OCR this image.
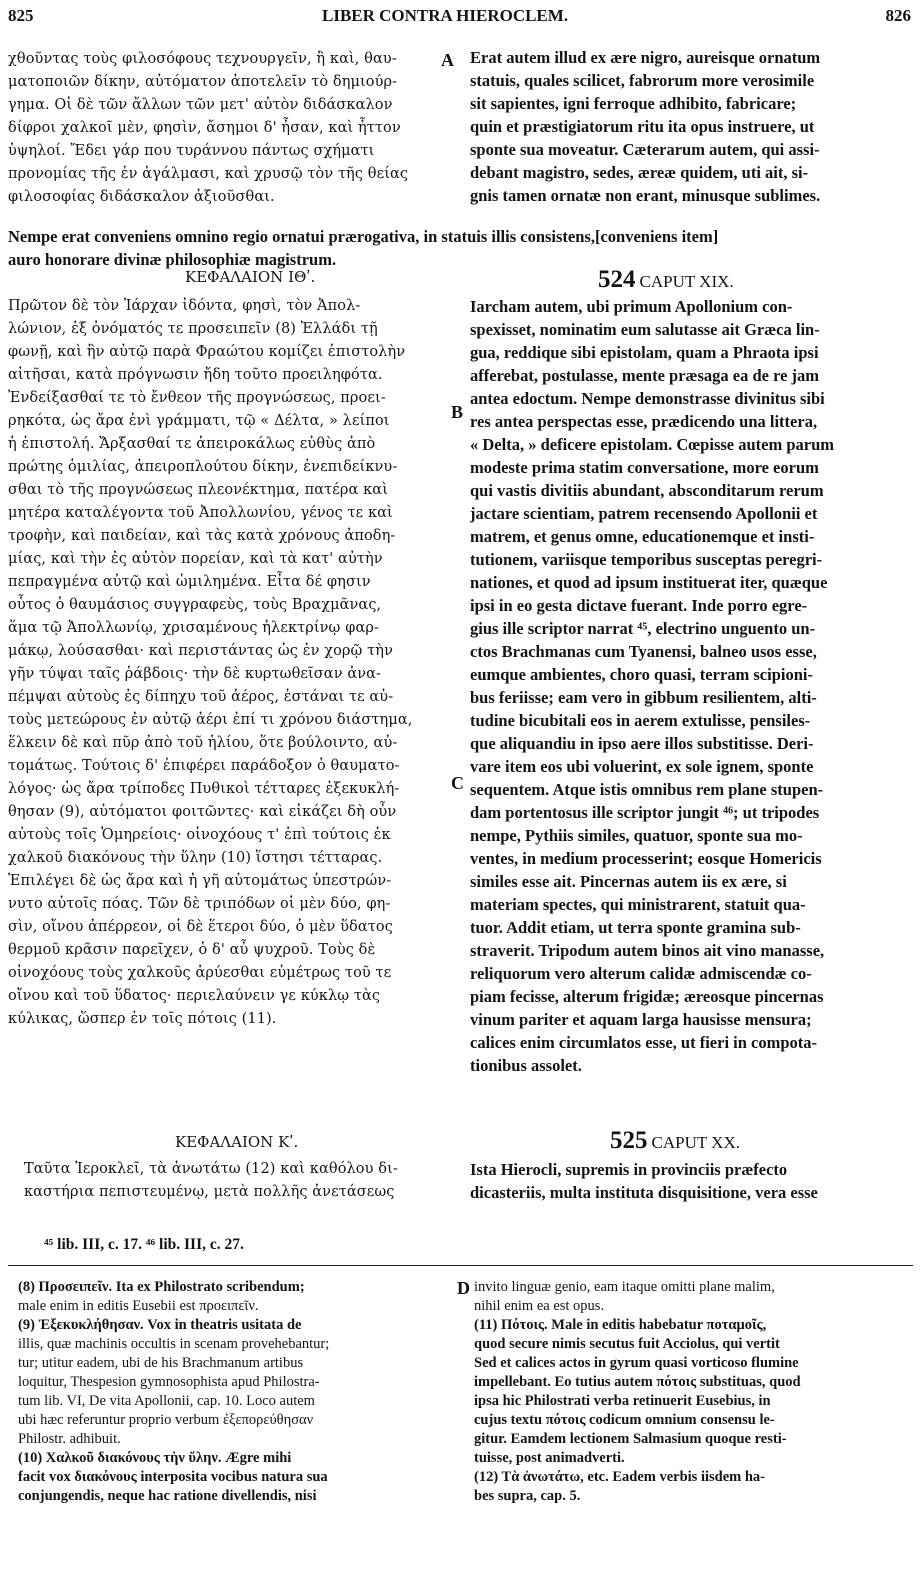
825	LIBER CONTRA HIEROCLEM.	826
χθοῦντας τοὺς φιλοσόφους τεχνουργεῖν, ἢ καὶ, θαυ-
ματοποιῶν δίκην, αὐτόματον ἀποτελεῖν τὸ δημιούρ-
γημα. Οἱ δὲ τῶν ἄλλων τῶν μετ' αὐτὸν διδάσκαλον
δίφροι χαλκοῖ μὲν, φησὶν, ἄσημοι δ' ἦσαν, καὶ ἧττον
ὑψηλοί. Ἔδει γάρ που τυράννου πάντως σχήματι
προνομίας τῆς ἐν ἀγάλμασι, καὶ χρυσῷ τὸν τῆς θείας
φιλοσοφίας διδάσκαλον ἀξιοῦσθαι.
A Erat autem illud ex ære nigro, aureisque ornatum
statuis, quales scilicet, fabrorum more verosimile
sit sapientes, igni ferroque adhibito, fabricare;
quin et præstigiatorum ritu ita opus instruere, ut
sponte sua moveatur. Cæterarum autem, qui assi-
debant magistro, sedes, æreæ quidem, uti ait, si-
gnis tamen ornatæ non erant, minusque sublimes.
Nempe erat conveniens omnino regio ornatui prærogativa, in statuis illis consistens,[conveniens item]
auro honorare divinæ philosophiæ magistrum.
ΚΕΦΑΛΑΙΟΝ ΙΘʹ.	524 CAPUT XIX.
Πρῶτον δὲ τὸν Ἰάρχαν ἰδόντα, φησὶ, τὸν Ἀπολ-
λώνιον, ἐξ ὀνόματός τε προσειπεῖν (8) Ἑλλάδι τῇ
φωνῇ, καὶ ἣν αὐτῷ παρὰ Φραώτου κομίζει ἐπιστολὴν
αἰτῆσαι, κατὰ πρόγνωσιν ἤδη τοῦτο προειληφότα.
Ἐνδείξασθαί τε τὸ ἔνθεον τῆς προγνώσεως, προει-
ρηκότα, ὡς ἄρα ἐνὶ γράμματι, τῷ « Δέλτα, » λείποι
ἡ ἐπιστολή. Ἄρξασθαί τε ἀπειροκάλως εὐθὺς ἀπὸ
πρώτης ὁμιλίας, ἀπειροπλούτου δίκην, ἐνεπιδείκνυ-
σθαι τὸ τῆς προγνώσεως πλεονέκτημα, πατέρα καὶ
μητέρα καταλέγοντα τοῦ Ἀπολλωνίου, γένος τε καὶ
τροφὴν, καὶ παιδείαν, καὶ τὰς κατὰ χρόνους ἀποδη-
μίας, καὶ τὴν ἐς αὐτὸν πορείαν, καὶ τὰ κατ' αὐτὴν
πεπραγμένα αὐτῷ καὶ ὡμιλημένα. Εἶτα δέ φησιν
οὗτος ὁ θαυμάσιος συγγραφεὺς, τοὺς Βραχμᾶνας,
ἅμα τῷ Ἀπολλωνίῳ, χρισαμένους ἠλεκτρίνῳ φαρ-
μάκῳ, λούσασθαι· καὶ περιστάντας ὡς ἐν χορῷ τὴν
γῆν τύψαι ταῖς ῥάβδοις· τὴν δὲ κυρτωθεῖσαν ἀνα-
πέμψαι αὐτοὺς ἐς δίπηχυ τοῦ ἀέρος, ἑστάναι τε αὐ-
τοὺς μετεώρους ἐν αὐτῷ ἀέρι ἐπί τι χρόνου διάστημα,
ἕλκειν δὲ καὶ πῦρ ἀπὸ τοῦ ἡλίου, ὅτε βούλοιντο, αὐ-
τομάτως. Τούτοις δ' ἐπιφέρει παράδοξον ὁ θαυματο-
λόγος· ὡς ἄρα τρίποδες Πυθικοὶ τέτταρες ἐξεκυκλή-
θησαν (9), αὐτόματοι φοιτῶντες· καὶ εἰκάζει δὴ οὖν
αὐτοὺς τοῖς Ὁμηρείοις· οἰνοχόους τ' ἐπὶ τούτοις ἐκ
χαλκοῦ διακόνους τὴν ὕλην (10) ἵστησι τέτταρας.
Ἐπιλέγει δὲ ὡς ἄρα καὶ ἡ γῆ αὐτομάτως ὑπεστρών-
νυτο αὐτοῖς πόας. Τῶν δὲ τριπόδων οἱ μὲν δύο, φη-
σὶν, οἴνου ἀπέρρεον, οἱ δὲ ἕτεροι δύο, ὁ μὲν ὕδατος
θερμοῦ κρᾶσιν παρεῖχεν, ὁ δ' αὖ ψυχροῦ. Τοὺς δὲ
οἰνοχόους τοὺς χαλκοῦς ἀρύεσθαι εὐμέτρως τοῦ τε
οἴνου καὶ τοῦ ὕδατος· περιελαύνειν γε κύκλῳ τὰς
κύλικας, ὥσπερ ἐν τοῖς πότοις (11).
B
C
Iarcham autem, ubi primum Apollonium con-
spexisset, nominatim eum salutasse ait Græca lin-
gua, reddique sibi epistolam, quam a Phraota ipsi
afferebat, postulasse, mente præsaga ea de re jam
antea edoctum. Nempe demonstrasse divinitus sibi
res antea perspectas esse, prædicendo una littera,
« Delta, » deficere epistolam. Cœpisse autem parum
modeste prima statim conversatione, more eorum
qui vastis divitiis abundant, absconditarum rerum
jactare scientiam, patrem recensendo Apollonii et
matrem, et genus omne, educationemque et insti-
tutionem, variisque temporibus susceptas peregri-
nationes, et quod ad ipsum instituerat iter, quæque
ipsi in eo gesta dictave fuerant. Inde porro egre-
gius ille scriptor narrat ⁴⁵, electrino unguento un-
ctos Brachmanas cum Tyanensi, balneo usos esse,
eumque ambientes, choro quasi, terram scipioni-
bus feriisse; eam vero in gibbum resilientem, alti-
tudine bicubitali eos in aerem extulisse, pensiles-
que aliquandiu in ipso aere illos substitisse. Deri-
vare item eos ubi voluerint, ex sole ignem, sponte
sequentem. Atque istis omnibus rem plane stupen-
dam portentosus ille scriptor jungit ⁴⁶; ut tripodes
nempe, Pythiis similes, quatuor, sponte sua mo-
ventes, in medium processerint; eosque Homericis
similes esse ait. Pincernas autem iis ex ære, si
materiam spectes, qui ministrarent, statuit qua-
tuor. Addit etiam, ut terra sponte gramina sub-
straverit. Tripodum autem binos ait vino manasse,
reliquorum vero alterum calidæ admiscendæ co-
piam fecisse, alterum frigidæ; æreosque pincernas
vinum pariter et aquam larga hausisse mensura;
calices enim circumlatos esse, ut fieri in compota-
tionibus assolet.
ΚΕΦΑΛΑΙΟΝ Κʹ.	525 CAPUT XX.
Ταῦτα Ἱεροκλεῖ, τὰ ἀνωτάτω (12) καὶ καθόλου δι-
καστήρια πεπιστευμένῳ, μετὰ πολλῆς ἀνετάσεως
Ista Hierocli, supremis in provinciis præfecto
dicasteriis, multa instituta disquisitione, vera esse
⁴⁵ lib. III, c. 17. ⁴⁶ lib. III, c. 27.
(8) Προσειπεῖν. Ita ex Philostrato scribendum;
male enim in editis Eusebii est προειπεῖν.
(9) Ἐξεκυκλήθησαν. Vox in theatris usitata de
illis, quæ machinis occultis in scenam provehebantur;
tur; utitur eadem, ubi de his Brachmanum artibus
loquitur, Thespesion gymnosophista apud Philostra-
tum lib. VI, De vita Apollonii, cap. 10. Loco autem
ubi hæc referuntur proprio verbum ἐξεπορεύθησαν
Philostr. adhibuit.
(10) Χαλκοῦ διακόνους τὴν ὕλην. Ægre mihi
facit vox διακόνους interposita vocibus natura sua
conjungendis, neque hac ratione divellendis, nisi
D invito linguæ genio, eam itaque omitti plane malim,
nihil enim ea est opus.
(11) Πότοις. Male in editis habebatur ποταμοῖς,
quod secure nimis secutus fuit Acciolus, qui vertit
Sed et calices actos in gyrum quasi vorticoso flumine
impellebant. Eo tutius autem πότοις substituas, quod
ipsa hic Philostrati verba retinuerit Eusebius, in
cujus textu πότοις codicum omnium consensu le-
gitur. Eamdem lectionem Salmasium quoque resti-
tuisse, post animadverti.
(12) Τὰ ἀνωτάτω, etc. Eadem verbis iisdem ha-
bes supra, cap. 5.
